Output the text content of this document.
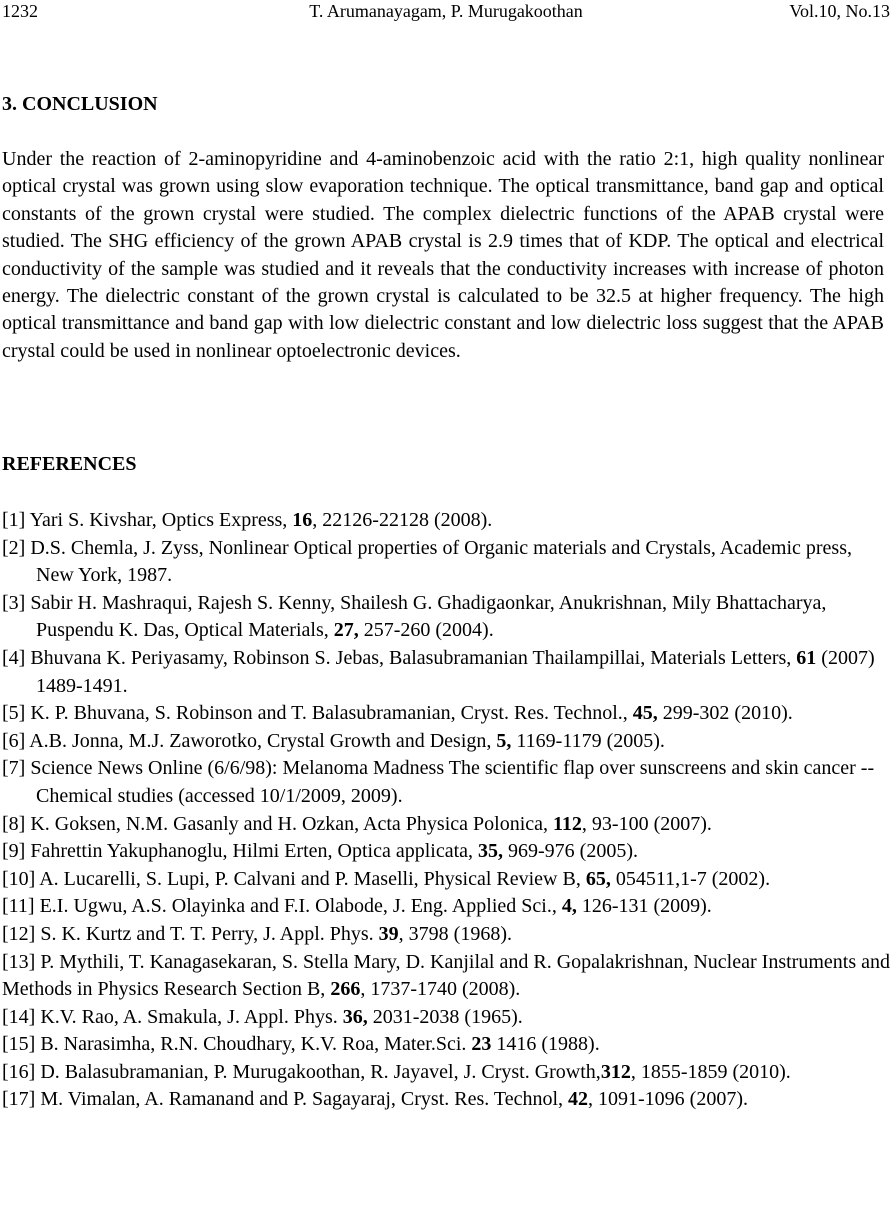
1232	T. Arumanayagam, P. Murugakoothan	Vol.10, No.13
3. CONCLUSION

Under the reaction of 2-aminopyridine and 4-aminobenzoic acid with the ratio 2:1, high quality nonlinear optical crystal was grown using slow evaporation technique. The optical transmittance, band gap and optical constants of the grown crystal were studied. The complex dielectric functions of the APAB crystal were studied. The SHG efficiency of the grown APAB crystal is 2.9 times that of KDP. The optical and electrical conductivity of the sample was studied and it reveals that the conductivity increases with increase of photon energy. The dielectric constant of the grown crystal is calculated to be 32.5 at higher frequency. The high optical transmittance and band gap with low dielectric constant and low dielectric loss suggest that the APAB crystal could be used in nonlinear optoelectronic devices.

REFERENCES
[1] Yari S. Kivshar, Optics Express, 16, 22126-22128 (2008).
[2] D.S. Chemla, J. Zyss, Nonlinear Optical properties of Organic materials and Crystals, Academic press, New York, 1987.
[3] Sabir H. Mashraqui, Rajesh S. Kenny, Shailesh G. Ghadigaonkar, Anukrishnan, Mily Bhattacharya, Puspendu K. Das, Optical Materials, 27, 257-260 (2004).
[4] Bhuvana K. Periyasamy, Robinson S. Jebas, Balasubramanian Thailampillai, Materials Letters, 61 (2007) 1489-1491.
[5] K. P. Bhuvana, S. Robinson and T. Balasubramanian, Cryst. Res. Technol., 45, 299-302 (2010).
[6] A.B. Jonna, M.J. Zaworotko, Crystal Growth and Design, 5, 1169-1179 (2005).
[7] Science News Online (6/6/98): Melanoma Madness The scientific flap over sunscreens and skin cancer -- Chemical studies (accessed 10/1/2009, 2009).
[8] K. Goksen, N.M. Gasanly and H. Ozkan, Acta Physica Polonica, 112, 93-100 (2007).
[9] Fahrettin Yakuphanoglu, Hilmi Erten, Optica applicata, 35, 969-976 (2005).
[10] A. Lucarelli, S. Lupi, P. Calvani and P. Maselli, Physical Review B, 65, 054511,1-7 (2002).
[11] E.I. Ugwu, A.S. Olayinka and F.I. Olabode, J. Eng. Applied Sci., 4, 126-131 (2009).
[12] S. K. Kurtz and T. T. Perry, J. Appl. Phys. 39, 3798 (1968).
[13] P. Mythili, T. Kanagasekaran, S. Stella Mary, D. Kanjilal and R. Gopalakrishnan, Nuclear Instruments and Methods in Physics Research Section B, 266, 1737-1740 (2008).
[14] K.V. Rao, A. Smakula, J. Appl. Phys. 36, 2031-2038 (1965).
[15] B. Narasimha, R.N. Choudhary, K.V. Roa, Mater.Sci. 23 1416 (1988).
[16] D. Balasubramanian, P. Murugakoothan, R. Jayavel, J. Cryst. Growth,312, 1855-1859 (2010).
[17] M. Vimalan, A. Ramanand and P. Sagayaraj, Cryst. Res. Technol, 42, 1091-1096 (2007).
